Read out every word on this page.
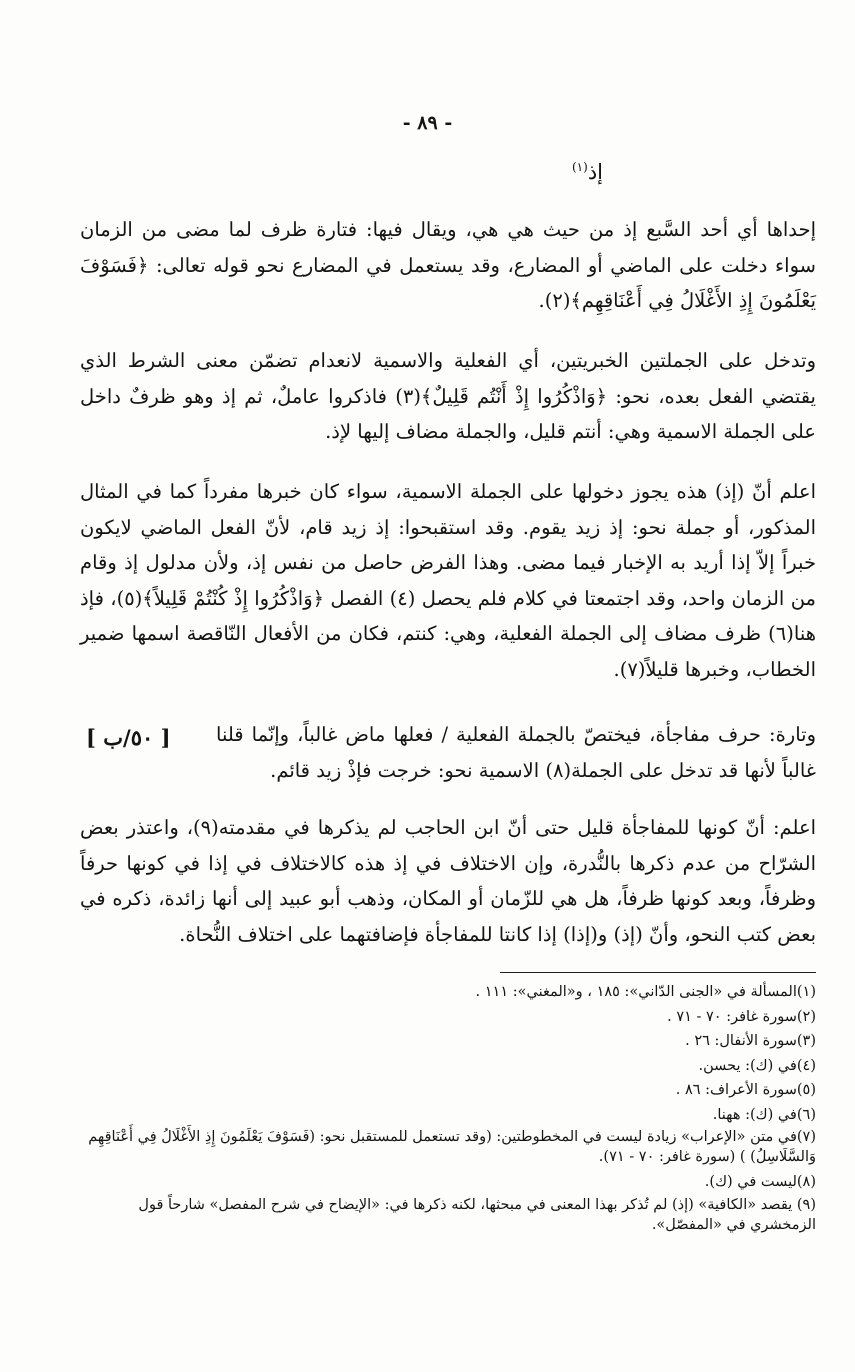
- ٨٩ -
إذ$^{(١)}$

إحداها أي أحد السَّبع إذ من حيث هي هي، ويقال فيها: فتارة ظرف لما مضى من الزمان سواء دخلت على الماضي أو المضارع، وقد يستعمل في المضارع نحو قوله تعالى: ﴿فَسَوْفَ يَعْلَمُونَ إِذِ الأَغْلَالُ فِي أَعْنَاقِهِم﴾(٢).

وتدخل على الجملتين الخبريتين، أي الفعلية والاسمية لانعدام تضمّن معنى الشرط الذي يقتضي الفعل بعده، نحو: ﴿وَاذْكُرُوا إِذْ أَنْتُم قَلِيلٌ﴾(٣) فاذكروا عاملٌ، ثم إذ وهو ظرفٌ داخل على الجملة الاسمية وهي: أنتم قليل، والجملة مضاف إليها لإذ.

اعلم أنّ (إذ) هذه يجوز دخولها على الجملة الاسمية، سواء كان خبرها مفرداً كما في المثال المذكور، أو جملة نحو: إذ زيد يقوم. وقد استقبحوا: إذ زيد قام، لأنّ الفعل الماضي لايكون خبراً إلاّ إذا أريد به الإخبار فيما مضى. وهذا الفرض حاصل من نفس إذ، ولأن مدلول إذ وقام من الزمان واحد، وقد اجتمعتا في كلام فلم يحصل (٤) الفصل ﴿وَاذْكُرُوا إِذْ كُنْتُمْ قَلِيلاً﴾(٥)، فإذ هنا(٦) ظرف مضاف إلى الجملة الفعلية، وهي: كنتم، فكان من الأفعال النّاقصة اسمها ضمير الخطاب، وخبرها قليلاً(٧).

[ ٥٠/ب ] وتارة: حرف مفاجأة، فيختصّ بالجملة الفعلية / فعلها ماض غالباً، وإنّما قلنا غالباً لأنها قد تدخل على الجملة(٨) الاسمية نحو: خرجت فإذْ زيد قائم.

اعلم: أنّ كونها للمفاجأة قليل حتى أنّ ابن الحاجب لم يذكرها في مقدمته(٩)، واعتذر بعض الشرّاح من عدم ذكرها بالنُّدرة، وإن الاختلاف في إذ هذه كالاختلاف في إذا في كونها حرفاً وظرفاً، وبعد كونها ظرفاً، هل هي للزّمان أو المكان، وذهب أبو عبيد إلى أنها زائدة، ذكره في بعض كتب النحو، وأنّ (إذ) و(إذا) إذا كانتا للمفاجأة فإضافتهما على اختلاف النُّحاة.

(١)المسألة في «الجنى الدّاني»: ١٨٥ ، و«المغني»: ١١١ .
(٢)سورة غافر: ٧٠ - ٧١ .
(٣)سورة الأنفال: ٢٦ .
(٤)في (ك): يحسن.
(٥)سورة الأعراف: ٨٦ .
(٦)في (ك): ههنا.
(٧)في متن «الإعراب» زيادة ليست في المخطوطتين: (وقد تستعمل للمستقبل نحو: (فَسَوْفَ يَعْلَمُونَ إِذِ الأَغْلَالُ فِي أَعْنَاقِهِم وَالسَّلَاسِلُ) ) (سورة غافر: ٧٠ - ٧١).
(٨)ليست في (ك).
(٩) يقصد «الكافية» (إذ) لم تُذكر بهذا المعنى في مبحثها، لكنه ذكرها في: «الإيضاح في شرح المفصل» شارحاً قول الزمخشري في «المفصّل».
